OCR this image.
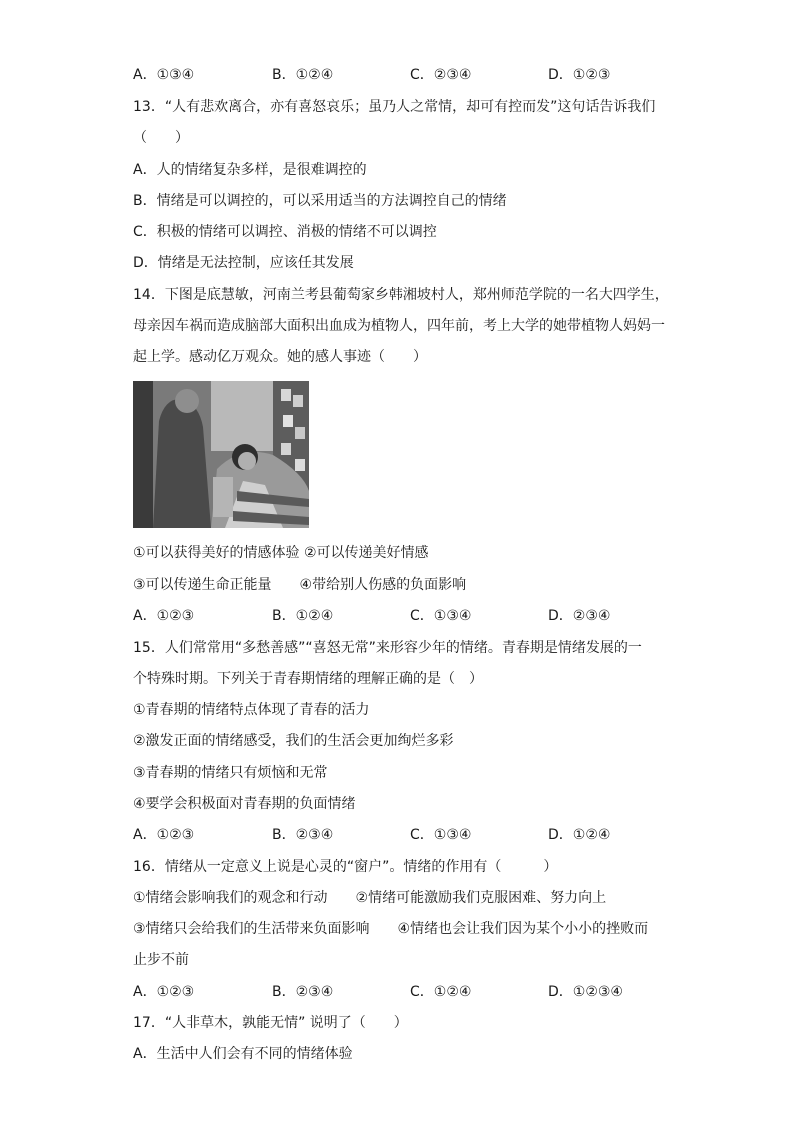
A．①③④	B．①②④	C．②③④	D．①②③
13．“人有悲欢离合，亦有喜怒哀乐；虽乃人之常情，却可有控而发”这句话告诉我们
（　　）
A．人的情绪复杂多样，是很难调控的
B．情绪是可以调控的，可以采用适当的方法调控自己的情绪
C．积极的情绪可以调控、消极的情绪不可以调控
D．情绪是无法控制，应该任其发展
14．下图是底慧敏，河南兰考县葡萄家乡韩湘坡村人，郑州师范学院的一名大四学生，
母亲因车祸而造成脑部大面积出血成为植物人，四年前，考上大学的她带植物人妈妈一
起上学。感动亿万观众。她的感人事迹（　　）
①可以获得美好的情感体验 ②可以传递美好情感
③可以传递生命正能量　　④带给别人伤感的负面影响
A．①②③	B．①②④	C．①③④	D．②③④
15．人们常常用“多愁善感”“喜怒无常”来形容少年的情绪。青春期是情绪发展的一
个特殊时期。下列关于青春期情绪的理解正确的是（　）
①青春期的情绪特点体现了青春的活力
②激发正面的情绪感受，我们的生活会更加绚烂多彩
③青春期的情绪只有烦恼和无常
④要学会积极面对青春期的负面情绪
A．①②③	B．②③④	C．①③④	D．①②④
16．情绪从一定意义上说是心灵的“窗户”。情绪的作用有（　　　）
①情绪会影响我们的观念和行动　　②情绪可能激励我们克服困难、努力向上
③情绪只会给我们的生活带来负面影响　　④情绪也会让我们因为某个小小的挫败而
止步不前
A．①②③	B．②③④	C．①②④	D．①②③④
17．“人非草木，孰能无情” 说明了（　　）
A．生活中人们会有不同的情绪体验
